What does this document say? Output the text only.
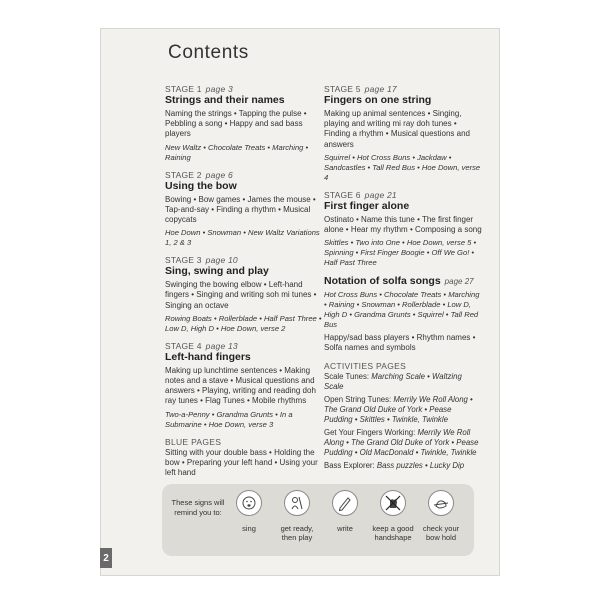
2
Contents
STAGE 1 page 3
Strings and their names
Naming the strings • Tapping the pulse • Pebbling a song • Happy and sad bass players
New Waltz • Chocolate Treats • Marching • Raining
STAGE 2 page 6
Using the bow
Bowing • Bow games • James the mouse • Tap-and-say • Finding a rhythm • Musical copycats
Hoe Down • Snowman • New Waltz Variations 1, 2 & 3
STAGE 3 page 10
Sing, swing and play
Swinging the bowing elbow • Left-hand fingers • Singing and writing soh mi tunes • Singing an octave
Rowing Boats • Rollerblade • Half Past Three • Low D, High D • Hoe Down, verse 2
STAGE 4 page 13
Left-hand fingers
Making up lunchtime sentences • Making notes and a stave • Musical questions and answers • Playing, writing and reading doh ray tunes • Flag Tunes • Mobile rhythms
Two-a-Penny • Grandma Grunts • In a Submarine • Hoe Down, verse 3
BLUE PAGES
Sitting with your double bass • Holding the bow • Preparing your left hand • Using your left hand
STAGE 5 page 17
Fingers on one string
Making up animal sentences • Singing, playing and writing mi ray doh tunes • Finding a rhythm • Musical questions and answers
Squirrel • Hot Cross Buns • Jackdaw • Sandcastles • Tall Red Bus • Hoe Down, verse 4
STAGE 6 page 21
First finger alone
Ostinato • Name this tune • The first finger alone • Hear my rhythm • Composing a song
Skittles • Two into One • Hoe Down, verse 5 • Spinning • First Finger Boogie • Off We Go! • Half Past Three
Notation of solfa songs page 27
Hot Cross Buns • Chocolate Treats • Marching • Raining • Snowman • Rollerblade • Low D, High D • Grandma Grunts • Squirrel • Tall Red Bus
Happy/sad bass players • Rhythm names • Solfa names and symbols
ACTIVITIES PAGES
Scale Tunes: Marching Scale • Waltzing Scale
Open String Tunes: Merrily We Roll Along • The Grand Old Duke of York • Pease Pudding • Skittles • Twinkle, Twinkle
Get Your Fingers Working: Merrily We Roll Along • The Grand Old Duke of York • Pease Pudding • Old MacDonald • Twinkle, Twinkle
Bass Explorer: Bass puzzles • Lucky Dip
These signs will remind you to:
sing	get ready, then play
write	keep a good handshape
check your bow hold
